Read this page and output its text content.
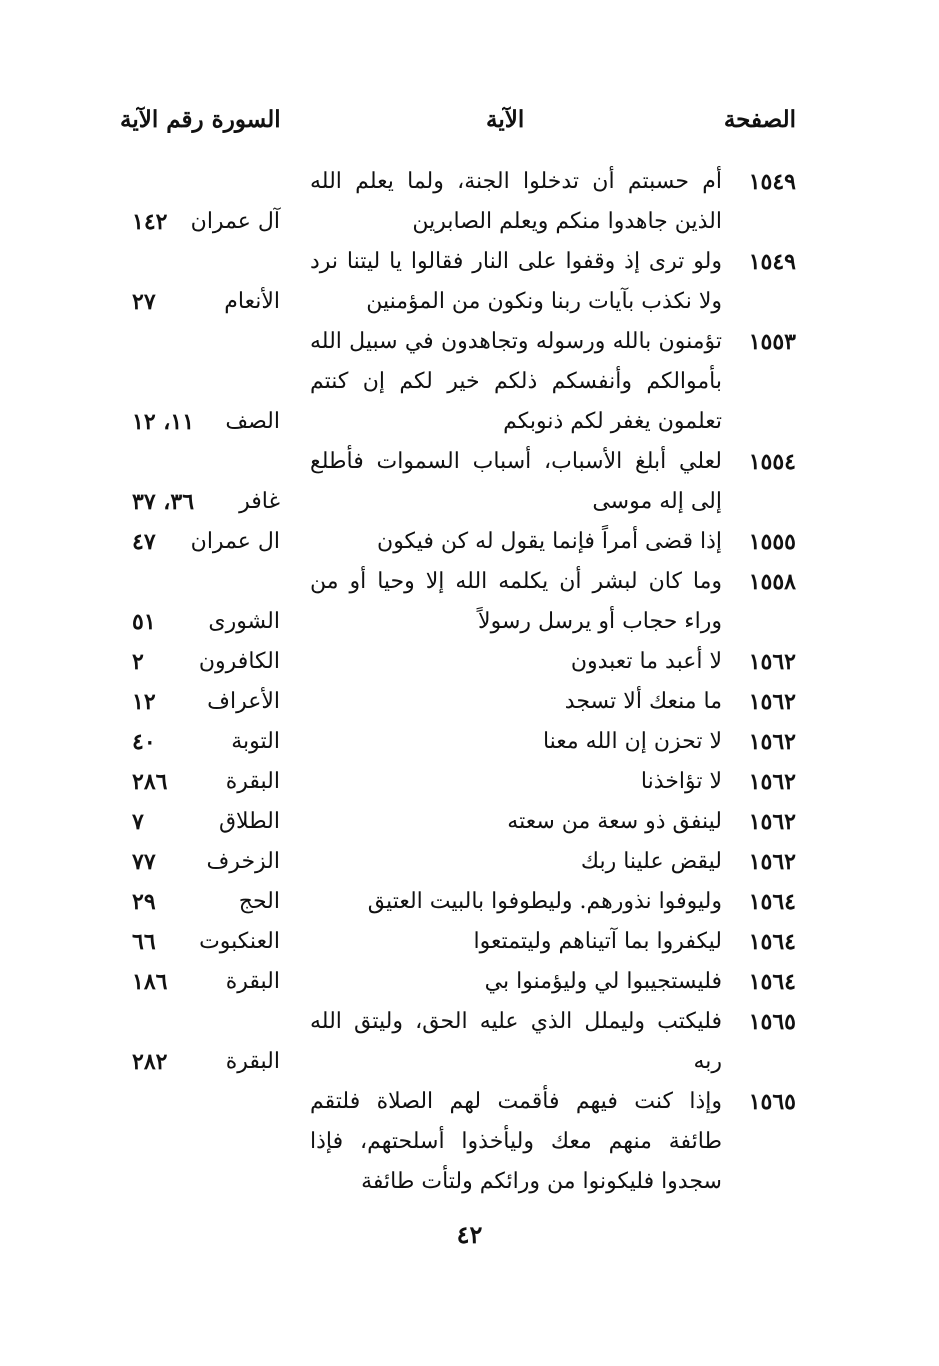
الصفحة
الآية
السورة رقم الآية
١٥٤٩
أم حسبتم أن تدخلوا الجنة، ولما يعلم الله
الذين جاهدوا منكم ويعلم الصابرين
آل عمران
١٤٢
١٥٤٩
ولو ترى إذ وقفوا على النار فقالوا يا ليتنا نرد
ولا نكذب بآيات ربنا ونكون من المؤمنين
الأنعام
٢٧
١٥٥٣
تؤمنون بالله ورسوله وتجاهدون في سبيل الله
بأموالكم وأنفسكم ذلكم خير لكم إن كنتم
تعلمون يغفر لكم ذنوبكم
الصف
١١، ١٢
١٥٥٤
لعلي أبلغ الأسباب، أسباب السموات فأطلع
إلى إله موسى
غافر
٣٦، ٣٧
١٥٥٥
إذا قضى أمراً فإنما يقول له كن فيكون
ال عمران
٤٧
١٥٥٨
وما كان لبشر أن يكلمه الله إلا وحيا أو من
وراء حجاب أو يرسل رسولاً
الشورى
٥١
١٥٦٢
لا أعبد ما تعبدون
الكافرون
٢
١٥٦٢
ما منعك ألا تسجد
الأعراف
١٢
١٥٦٢
لا تحزن إن الله معنا
التوبة
٤٠
١٥٦٢
لا تؤاخذنا
البقرة
٢٨٦
١٥٦٢
لينفق ذو سعة من سعته
الطلاق
٧
١٥٦٢
ليقض علينا ربك
الزخرف
٧٧
١٥٦٤
وليوفوا نذورهم. وليطوفوا بالبيت العتيق
الحج
٢٩
١٥٦٤
ليكفروا بما آتيناهم وليتمتعوا
العنكبوت
٦٦
١٥٦٤
فليستجيبوا لي وليؤمنوا بي
البقرة
١٨٦
١٥٦٥
فليكتب وليملل الذي عليه الحق، وليتق الله
ربه
البقرة
٢٨٢
١٥٦٥
وإذا كنت فيهم فأقمت لهم الصلاة فلتقم
طائفة منهم معك وليأخذوا أسلحتهم، فإذا
سجدوا فليكونوا من ورائكم ولتأت طائفة
٤٢
